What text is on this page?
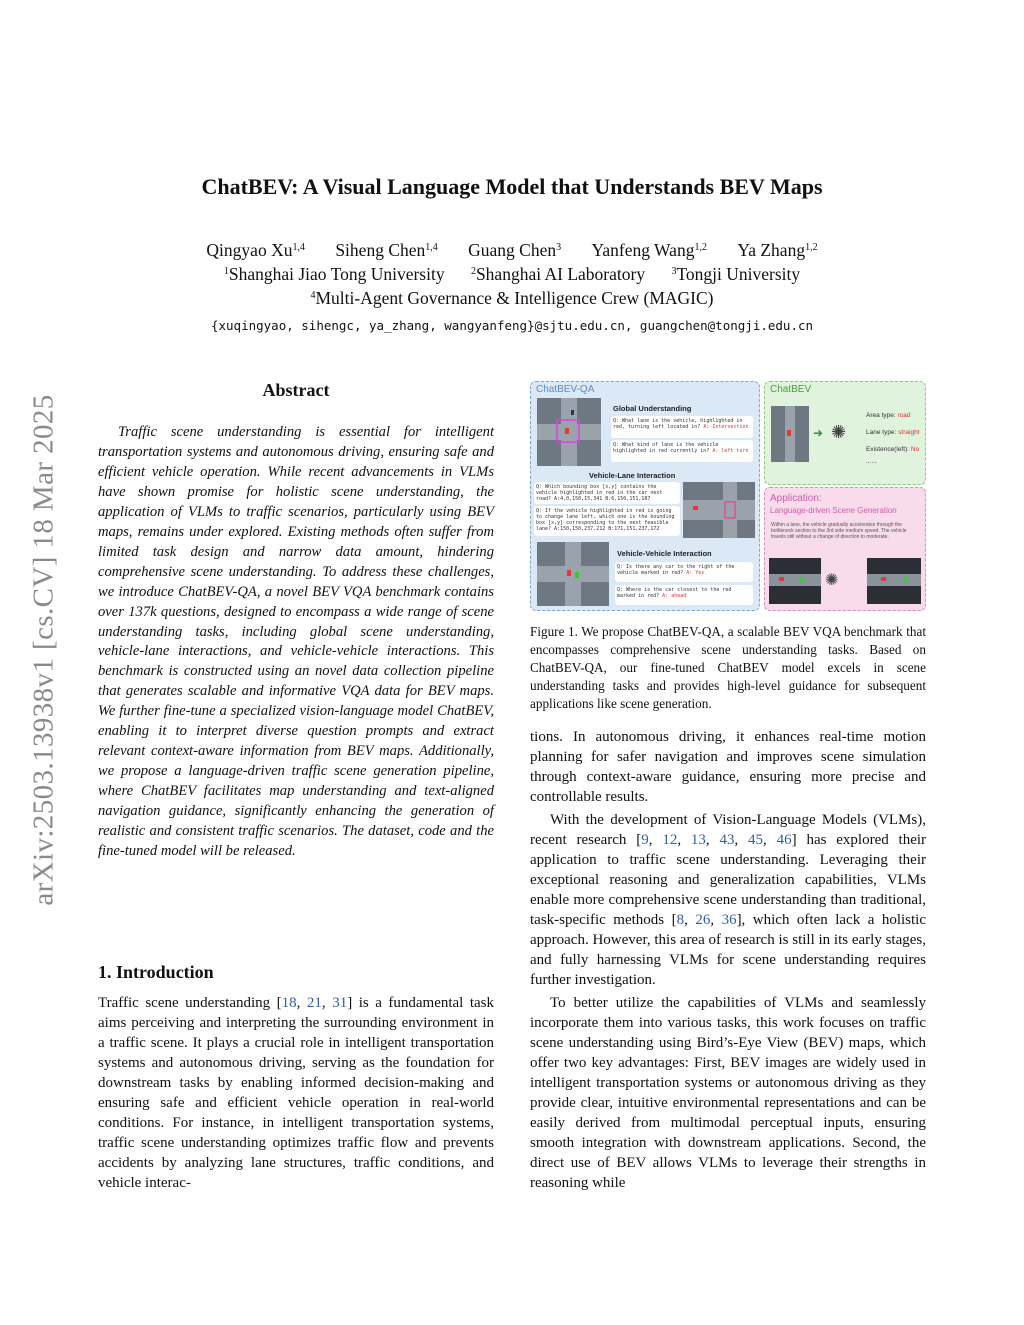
arXiv:2503.13938v1 [cs.CV] 18 Mar 2025
ChatBEV: A Visual Language Model that Understands BEV Maps
Qingyao Xu$^{1,4}$ Siheng Chen$^{1,4}$ Guang Chen$^3$ Yanfeng Wang$^{1,2}$ Ya Zhang$^{1,2}$
$^1$Shanghai Jiao Tong University	$^2$Shanghai AI Laboratory	$^3$Tongji University
$^4$Multi-Agent Governance & Intelligence Crew (MAGIC)
{xuqingyao, sihengc, ya_zhang, wangyanfeng}@sjtu.edu.cn, guangchen@tongji.edu.cn
Abstract

Traffic scene understanding is essential for intelligent transportation systems and autonomous driving, ensuring safe and efficient vehicle operation. While recent advancements in VLMs have shown promise for holistic scene understanding, the application of VLMs to traffic scenarios, particularly using BEV maps, remains under explored. Existing methods often suffer from limited task design and narrow data amount, hindering comprehensive scene understanding. To address these challenges, we introduce ChatBEV-QA, a novel BEV VQA benchmark contains over 137k questions, designed to encompass a wide range of scene understanding tasks, including global scene understanding, vehicle-lane interactions, and vehicle-vehicle interactions. This benchmark is constructed using an novel data collection pipeline that generates scalable and informative VQA data for BEV maps. We further fine-tune a specialized vision-language model ChatBEV, enabling it to interpret diverse question prompts and extract relevant context-aware information from BEV maps. Additionally, we propose a language-driven traffic scene generation pipeline, where ChatBEV facilitates map understanding and text-aligned navigation guidance, significantly enhancing the generation of realistic and consistent traffic scenarios. The dataset, code and the fine-tuned model will be released.

1. Introduction

Traffic scene understanding [18, 21, 31] is a fundamental task aims perceiving and interpreting the surrounding environment in a traffic scene. It plays a crucial role in intelligent transportation systems and autonomous driving, serving as the foundation for downstream tasks by enabling informed decision-making and ensuring safe and efficient vehicle operation in real-world conditions. For instance, in intelligent transportation systems, traffic scene understanding optimizes traffic flow and prevents accidents by analyzing lane structures, traffic conditions, and vehicle interac-

ChatBEV-QA
Global Understanding
Q: What lane is the vehicle, highlighted in red, turning left located in? A: Intersection
Q: What kind of lane is the vehicle highlighted in red currently in? A: left turn
Vehicle-Lane Interaction
Q: Which bounding box [x,y] contains the vehicle highlighted in red in the car next road? A:4,0,150,15,341 B:6,150,151,187
Q: If the vehicle highlighted in red is going to change lane left, which one is the bounding box [x,y] corresponding to the next feasible lane? A:150,150,237,212 B:171,151,237,172
Vehicle-Vehicle Interaction
Q: Is there any car to the right of the vehicle marked in red? A: Yes
Q: Where is the car closest to the red marked in red? A: ahead
ChatBEV
➜ ✺
Area type: road
Lane type: straight
Existence(left): No
......
Application:
Language-driven Scene Generation
Within a lane, the vehicle gradually accelerates through the bottleneck section to the 3rd side medium speed. The vehicle travels still without a change of direction to moderate.
✺

Figure 1. We propose ChatBEV-QA, a scalable BEV VQA benchmark that encompasses comprehensive scene understanding tasks. Based on ChatBEV-QA, our fine-tuned ChatBEV model excels in scene understanding tasks and provides high-level guidance for subsequent applications like scene generation.

tions. In autonomous driving, it enhances real-time motion planning for safer navigation and improves scene simulation through context-aware guidance, ensuring more precise and controllable results.

With the development of Vision-Language Models (VLMs), recent research [9, 12, 13, 43, 45, 46] has explored their application to traffic scene understanding. Leveraging their exceptional reasoning and generalization capabilities, VLMs enable more comprehensive scene understanding than traditional, task-specific methods [8, 26, 36], which often lack a holistic approach. However, this area of research is still in its early stages, and fully harnessing VLMs for scene understanding requires further investigation.

To better utilize the capabilities of VLMs and seamlessly incorporate them into various tasks, this work focuses on traffic scene understanding using Bird’s-Eye View (BEV) maps, which offer two key advantages: First, BEV images are widely used in intelligent transportation systems or autonomous driving as they provide clear, intuitive environmental representations and can be easily derived from multimodal perceptual inputs, ensuring smooth integration with downstream applications. Second, the direct use of BEV allows VLMs to leverage their strengths in reasoning while
